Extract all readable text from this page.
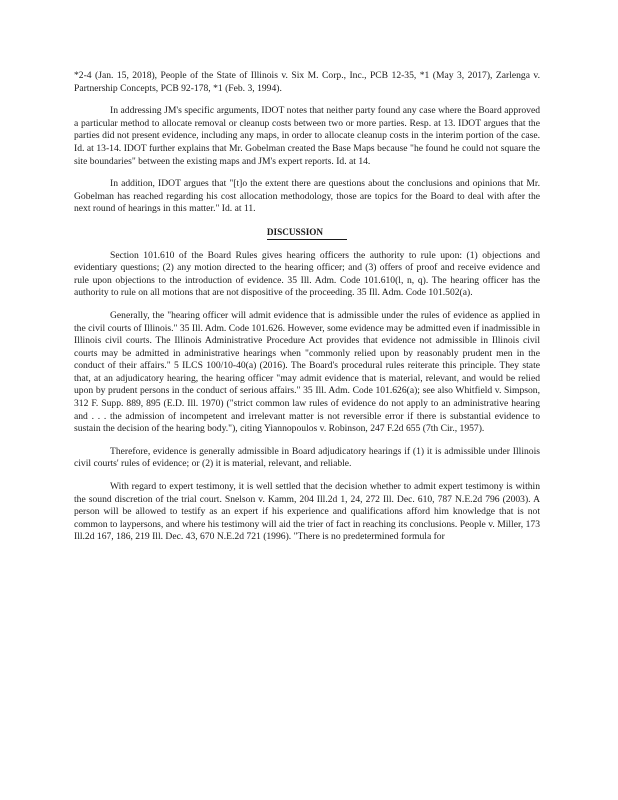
*2-4 (Jan. 15, 2018), People of the State of Illinois v. Six M. Corp., Inc., PCB 12-35, *1 (May 3, 2017), Zarlenga v. Partnership Concepts, PCB 92-178, *1 (Feb. 3, 1994).

In addressing JM's specific arguments, IDOT notes that neither party found any case where the Board approved a particular method to allocate removal or cleanup costs between two or more parties. Resp. at 13. IDOT argues that the parties did not present evidence, including any maps, in order to allocate cleanup costs in the interim portion of the case. Id. at 13-14. IDOT further explains that Mr. Gobelman created the Base Maps because "he found he could not square the site boundaries" between the existing maps and JM's expert reports. Id. at 14.

In addition, IDOT argues that "[t]o the extent there are questions about the conclusions and opinions that Mr. Gobelman has reached regarding his cost allocation methodology, those are topics for the Board to deal with after the next round of hearings in this matter." Id. at 11.

DISCUSSION

Section 101.610 of the Board Rules gives hearing officers the authority to rule upon: (1) objections and evidentiary questions; (2) any motion directed to the hearing officer; and (3) offers of proof and receive evidence and rule upon objections to the introduction of evidence. 35 Ill. Adm. Code 101.610(l, n, q). The hearing officer has the authority to rule on all motions that are not dispositive of the proceeding. 35 Ill. Adm. Code 101.502(a).

Generally, the "hearing officer will admit evidence that is admissible under the rules of evidence as applied in the civil courts of Illinois." 35 Ill. Adm. Code 101.626. However, some evidence may be admitted even if inadmissible in Illinois civil courts. The Illinois Administrative Procedure Act provides that evidence not admissible in Illinois civil courts may be admitted in administrative hearings when "commonly relied upon by reasonably prudent men in the conduct of their affairs." 5 ILCS 100/10-40(a) (2016). The Board's procedural rules reiterate this principle. They state that, at an adjudicatory hearing, the hearing officer "may admit evidence that is material, relevant, and would be relied upon by prudent persons in the conduct of serious affairs." 35 Ill. Adm. Code 101.626(a); see also Whitfield v. Simpson, 312 F. Supp. 889, 895 (E.D. Ill. 1970) ("strict common law rules of evidence do not apply to an administrative hearing and . . . the admission of incompetent and irrelevant matter is not reversible error if there is substantial evidence to sustain the decision of the hearing body."), citing Yiannopoulos v. Robinson, 247 F.2d 655 (7th Cir., 1957).

Therefore, evidence is generally admissible in Board adjudicatory hearings if (1) it is admissible under Illinois civil courts' rules of evidence; or (2) it is material, relevant, and reliable.

With regard to expert testimony, it is well settled that the decision whether to admit expert testimony is within the sound discretion of the trial court. Snelson v. Kamm, 204 Ill.2d 1, 24, 272 Ill. Dec. 610, 787 N.E.2d 796 (2003). A person will be allowed to testify as an expert if his experience and qualifications afford him knowledge that is not common to laypersons, and where his testimony will aid the trier of fact in reaching its conclusions. People v. Miller, 173 Ill.2d 167, 186, 219 Ill. Dec. 43, 670 N.E.2d 721 (1996). "There is no predetermined formula for
